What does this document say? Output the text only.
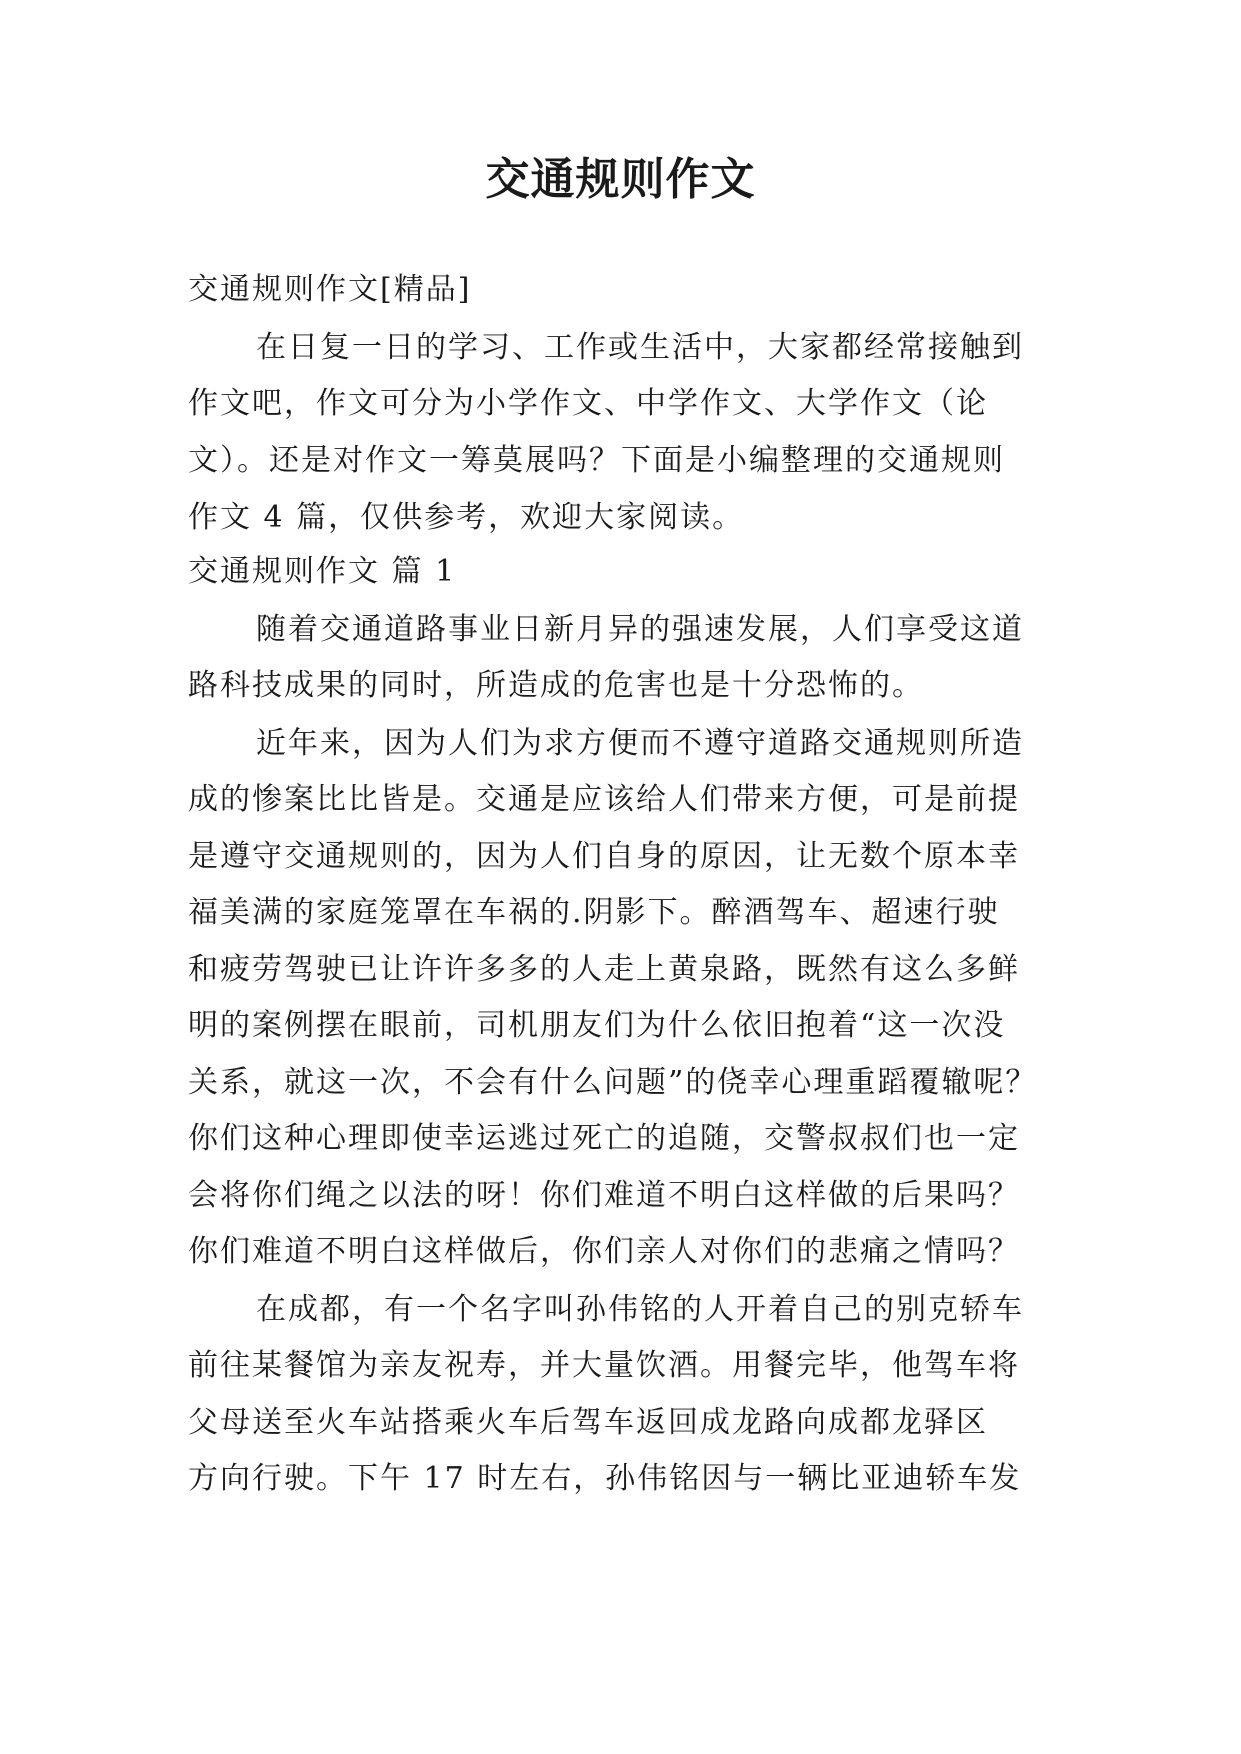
交通规则作文
交通规则作文[精品]
在日复一日的学习、工作或生活中，大家都经常接触到
作文吧，作文可分为小学作文、中学作文、大学作文（论
文）。还是对作文一筹莫展吗？下面是小编整理的交通规则
作文 4 篇，仅供参考，欢迎大家阅读。
交通规则作文 篇 1
随着交通道路事业日新月异的强速发展，人们享受这道
路科技成果的同时，所造成的危害也是十分恐怖的。
近年来，因为人们为求方便而不遵守道路交通规则所造
成的惨案比比皆是。交通是应该给人们带来方便，可是前提
是遵守交通规则的，因为人们自身的原因，让无数个原本幸
福美满的家庭笼罩在车祸的.阴影下。醉酒驾车、超速行驶
和疲劳驾驶已让许许多多的人走上黄泉路，既然有这么多鲜
明的案例摆在眼前，司机朋友们为什么依旧抱着“这一次没
关系，就这一次，不会有什么问题”的侥幸心理重蹈覆辙呢？
你们这种心理即使幸运逃过死亡的追随，交警叔叔们也一定
会将你们绳之以法的呀！你们难道不明白这样做的后果吗？
你们难道不明白这样做后，你们亲人对你们的悲痛之情吗？
在成都，有一个名字叫孙伟铭的人开着自己的别克轿车
前往某餐馆为亲友祝寿，并大量饮酒。用餐完毕，他驾车将
父母送至火车站搭乘火车后驾车返回成龙路向成都龙驿区
方向行驶。下午 17 时左右，孙伟铭因与一辆比亚迪轿车发
